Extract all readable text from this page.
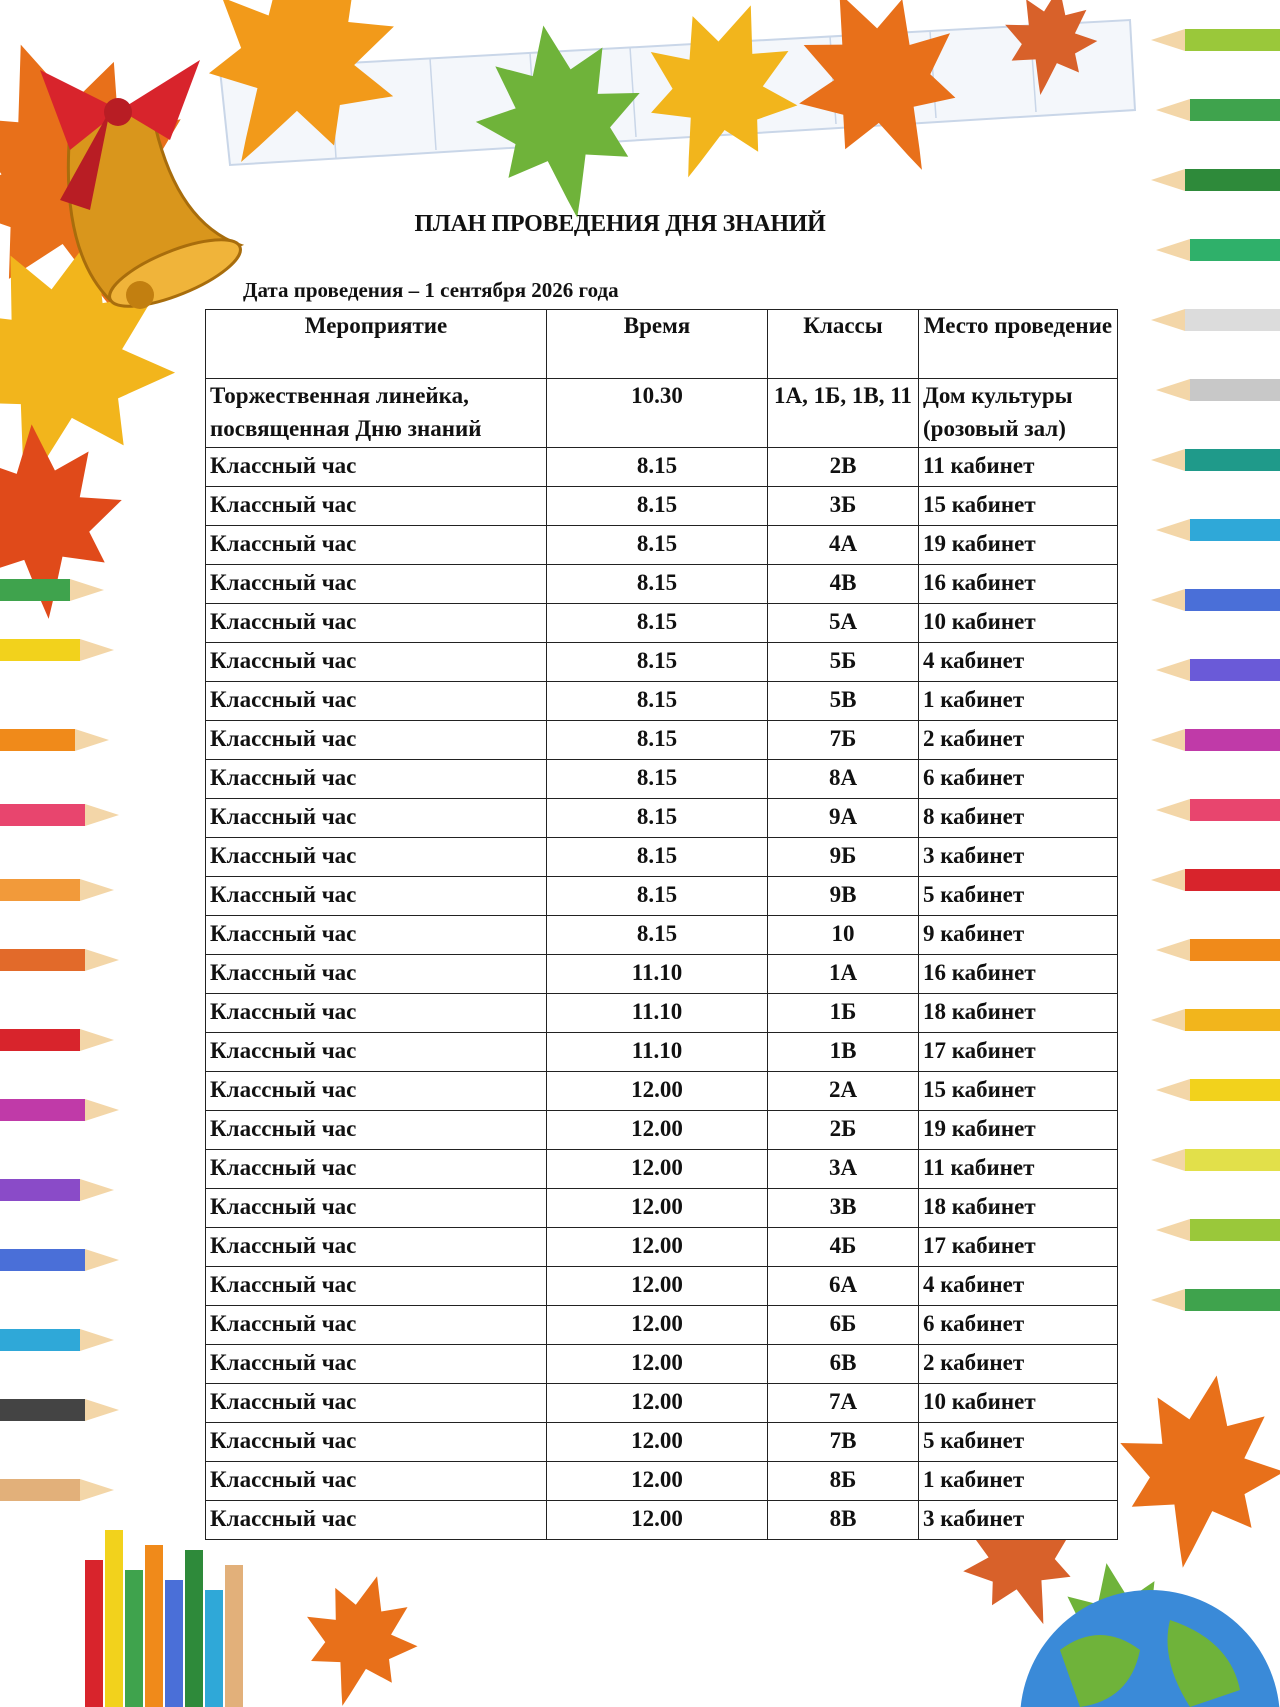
ПЛАН ПРОВЕДЕНИЯ ДНЯ ЗНАНИЙ
Дата проведения – 1 сентября 2026 года
Мероприятие	Время	Классы	Место проведение
Торжественная линейка, посвященная Дню знаний	10.30	1А, 1Б, 1В, 11	Дом культуры (розовый зал)
Классный час	8.15	2В	11 кабинет
Классный час	8.15	3Б	15 кабинет
Классный час	8.15	4А	19 кабинет
Классный час	8.15	4В	16 кабинет
Классный час	8.15	5А	10 кабинет
Классный час	8.15	5Б	4 кабинет
Классный час	8.15	5В	1 кабинет
Классный час	8.15	7Б	2 кабинет
Классный час	8.15	8А	6 кабинет
Классный час	8.15	9А	8 кабинет
Классный час	8.15	9Б	3 кабинет
Классный час	8.15	9В	5 кабинет
Классный час	8.15	10	9 кабинет
Классный час	11.10	1А	16 кабинет
Классный час	11.10	1Б	18 кабинет
Классный час	11.10	1В	17 кабинет
Классный час	12.00	2А	15 кабинет
Классный час	12.00	2Б	19 кабинет
Классный час	12.00	3А	11 кабинет
Классный час	12.00	3В	18 кабинет
Классный час	12.00	4Б	17 кабинет
Классный час	12.00	6А	4 кабинет
Классный час	12.00	6Б	6 кабинет
Классный час	12.00	6В	2 кабинет
Классный час	12.00	7А	10 кабинет
Классный час	12.00	7В	5 кабинет
Классный час	12.00	8Б	1 кабинет
Классный час	12.00	8В	3 кабинет
